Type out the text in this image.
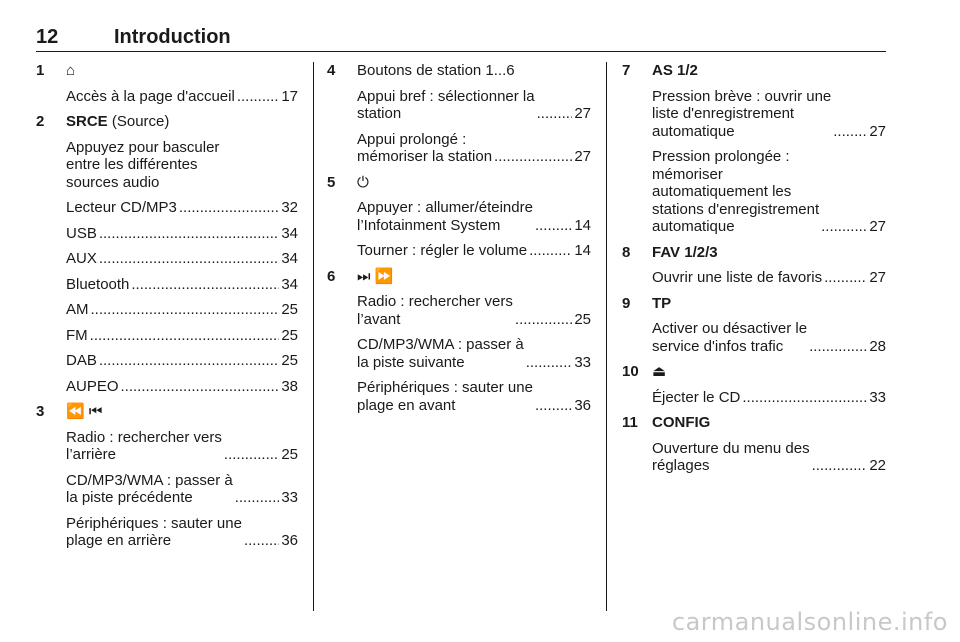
12	Introduction
1 ⌂
Accès à la page d'accueil .....	17
2 SRCE (Source)
Appuyez pour basculer
entre les différentes
sources audio
Lecteur CD/MP3 .....	32
USB .....	34
AUX .....	34
Bluetooth .....	34
AM .....	25
FM .....	25
DAB .....	25
AUPEO .....	38
3 ⏪ ⏮
Radio : rechercher vers
l’arrière .....	25
CD/MP3/WMA : passer à
la piste précédente .....	33
Périphériques : sauter une
plage en arrière .....	36
4 Boutons de station 1...6
Appui bref : sélectionner la
station .....	27
Appui prolongé :
mémoriser la station .....	27
5 ⏻
Appuyer : allumer/éteindre
l’Infotainment System .....	14
Tourner : régler le volume .....	14
6 ⏭ ⏩
Radio : rechercher vers
l’avant .....	25
CD/MP3/WMA : passer à
la piste suivante .....	33
Périphériques : sauter une
plage en avant .....	36
7 AS 1/2
Pression brève : ouvrir une
liste d'enregistrement
automatique .....	27
Pression prolongée :
mémoriser
automatiquement les
stations d'enregistrement
automatique .....	27
8 FAV 1/2/3
Ouvrir une liste de favoris .....	27
9 TP
Activer ou désactiver le
service d'infos trafic .....	28
10 ⏏
Éjecter le CD .....	33
11 CONFIG
Ouverture du menu des
réglages .....	22
carmanualsonline.info
